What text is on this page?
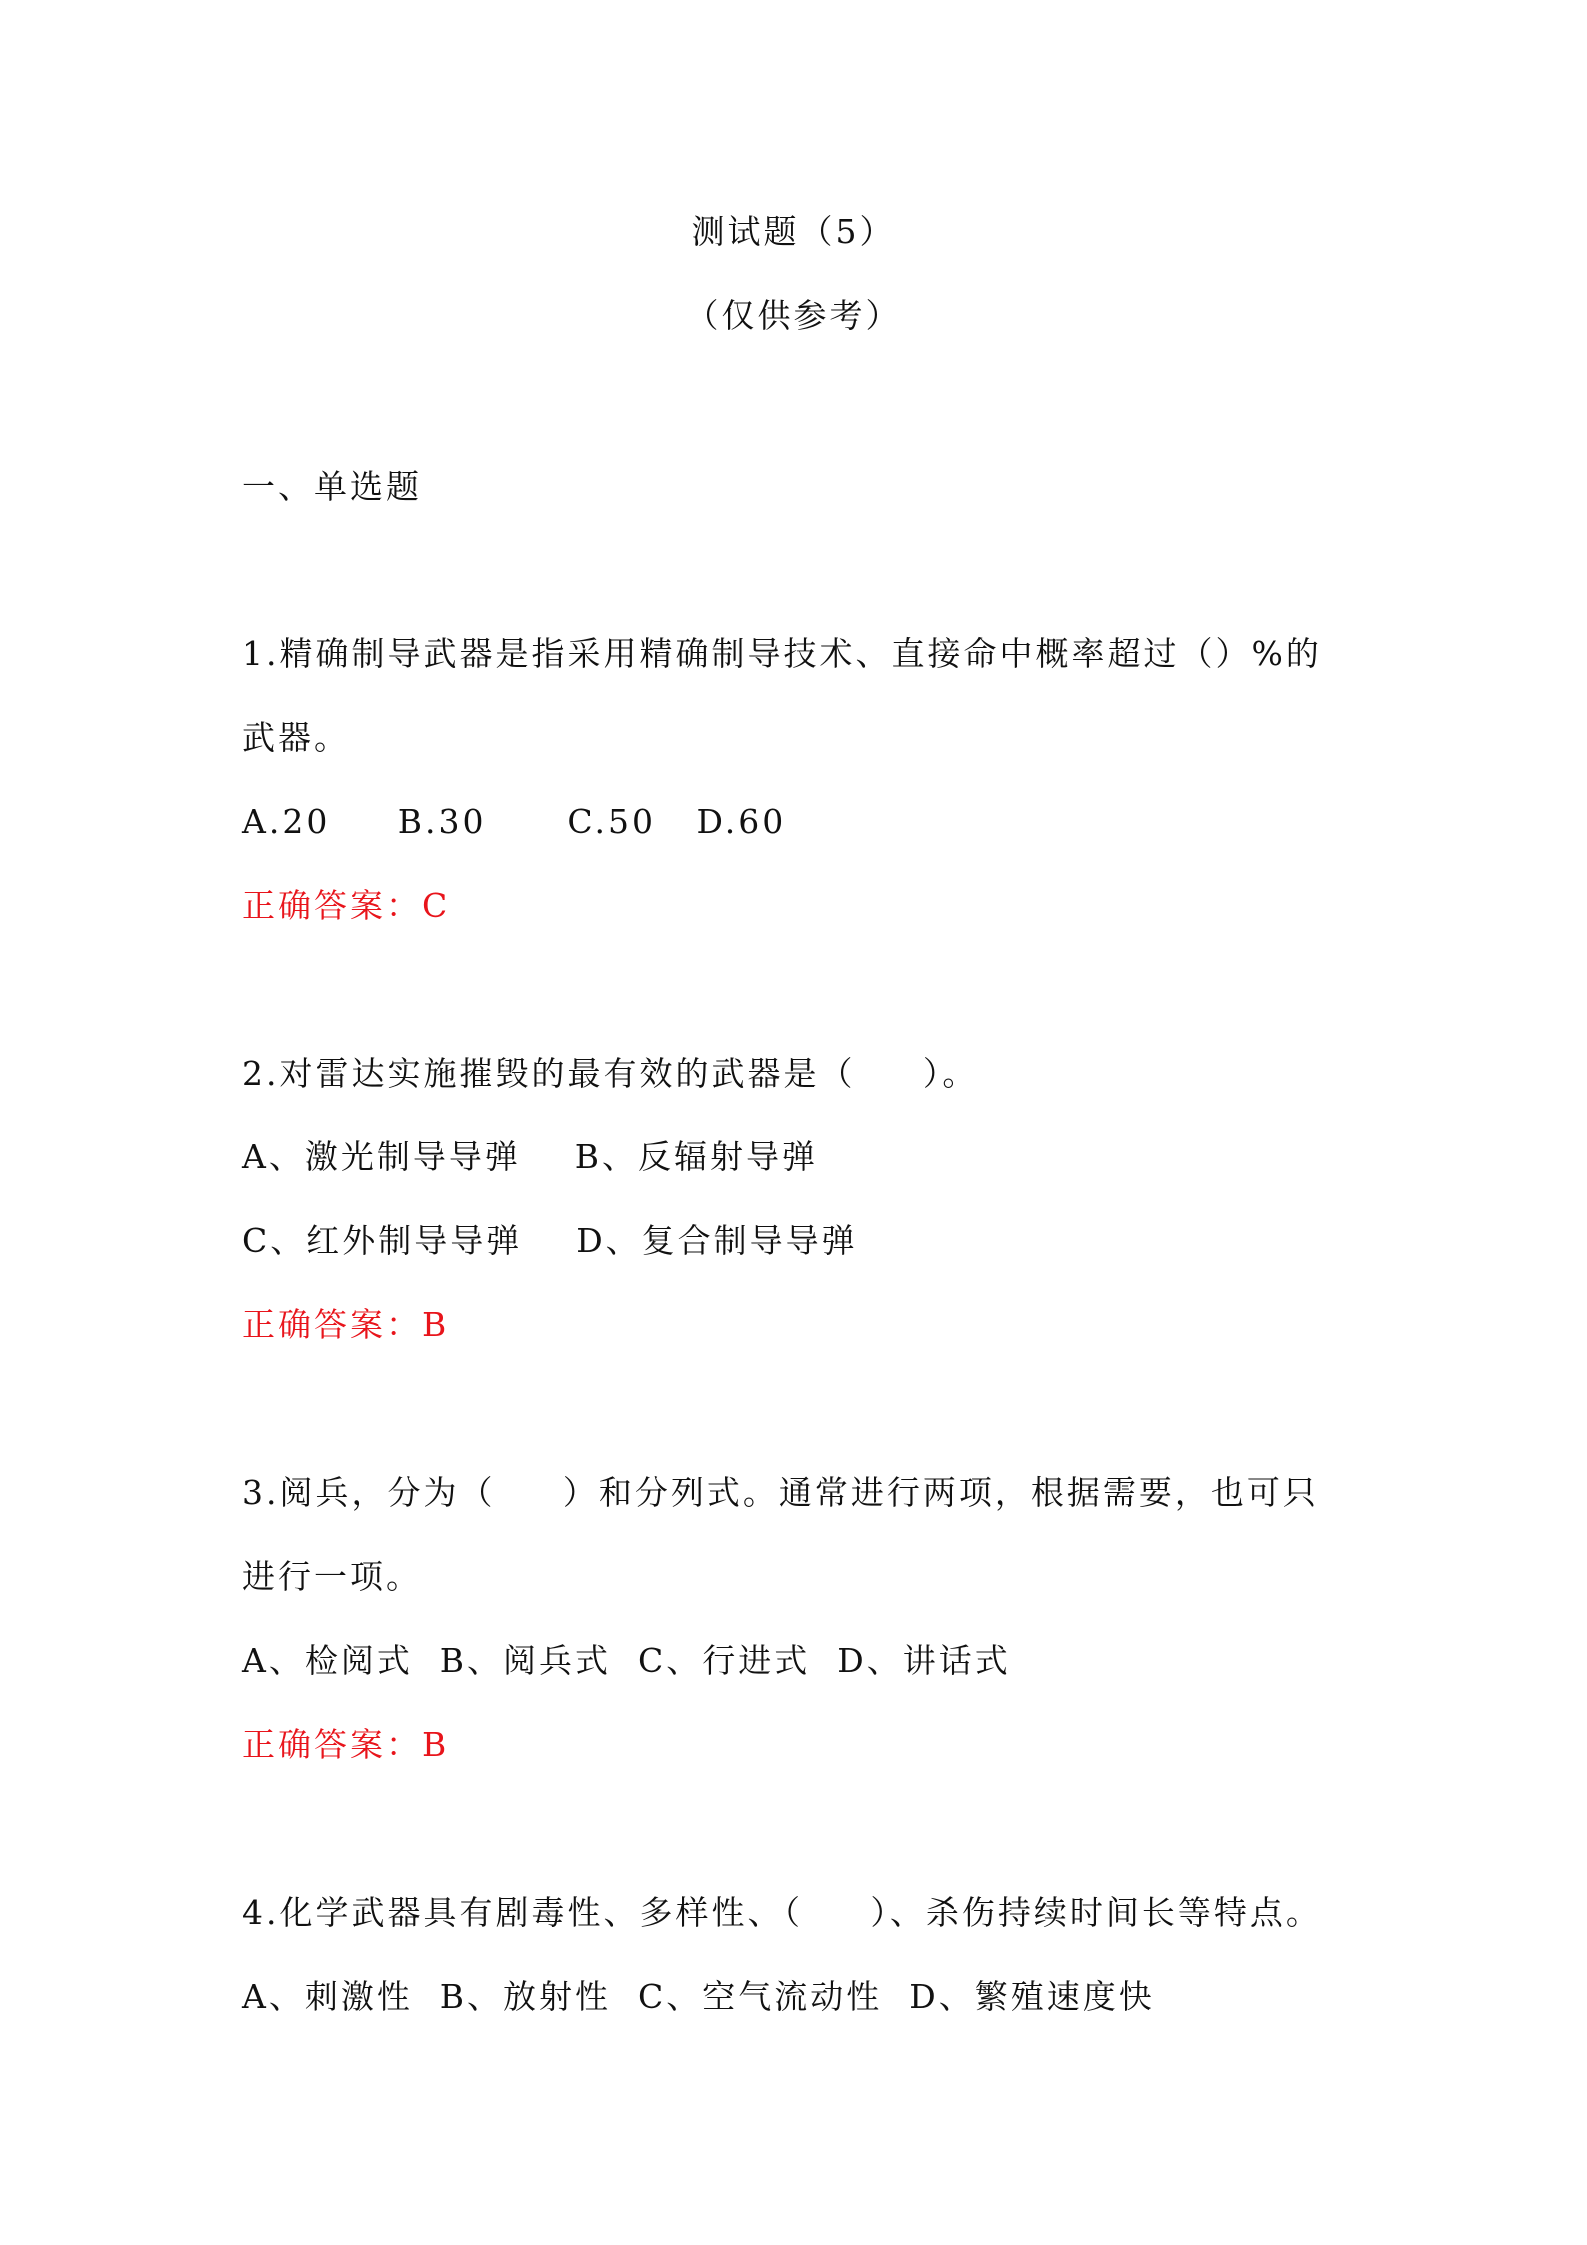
测试题（5）
（仅供参考）
一、单选题
1.精确制导武器是指采用精确制导技术、直接命中概率超过（）%的
武器。
A.20     B.30      C.50   D.60
正确答案：C
2.对雷达实施摧毁的最有效的武器是（     ）。
A、激光制导导弹    B、反辐射导弹
C、红外制导导弹    D、复合制导导弹
正确答案：B
3.阅兵，分为（     ）和分列式。通常进行两项，根据需要，也可只
进行一项。
A、检阅式  B、阅兵式  C、行进式  D、讲话式
正确答案：B
4.化学武器具有剧毒性、多样性、（     ）、杀伤持续时间长等特点。
A、刺激性  B、放射性  C、空气流动性  D、繁殖速度快
